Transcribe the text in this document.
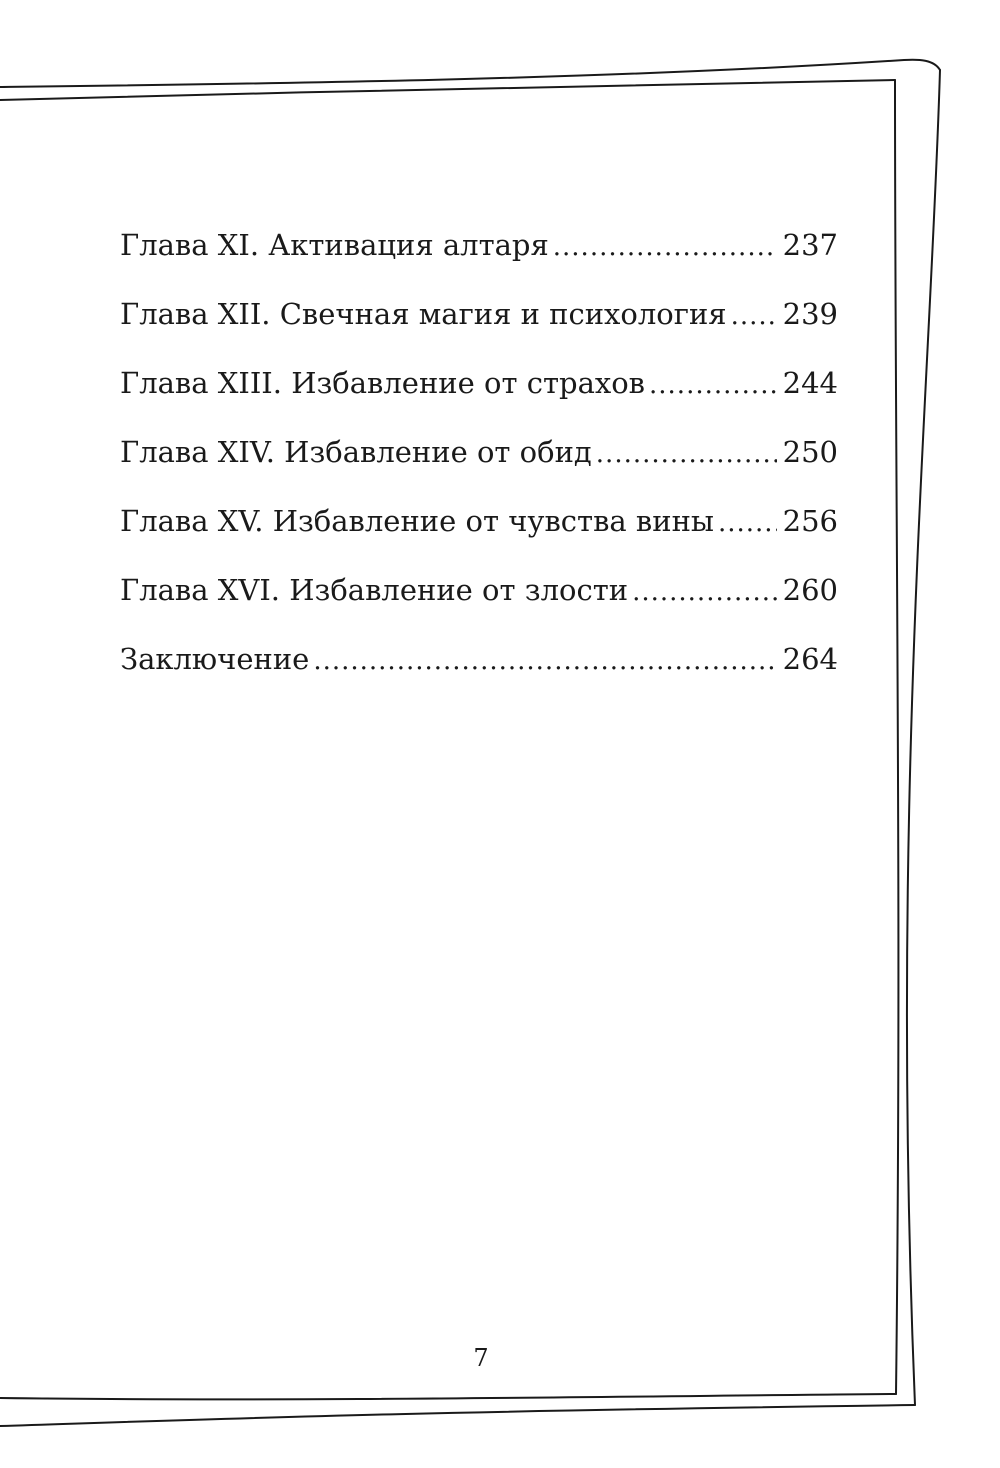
Глава XI. Активация алтаря .....	237
Глава XII. Свечная магия и психология ..... 239
Глава XIII. Избавление от страхов .....	244
Глава XIV. Избавление от обид .....	250
Глава XV. Избавление от чувства вины ..... 256
Глава XVI. Избавление от злости .....	260
Заключение .....	264
7
